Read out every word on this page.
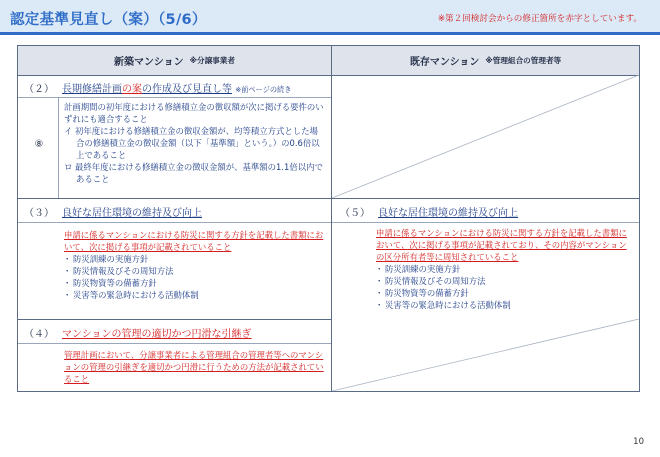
認定基準見直し（案）（5/6）	※第２回検討会からの修正箇所を赤字としています。
新築マンション ※分譲事業者	既存マンション ※管理組合の管理者等
（２） 長期修繕計画の案の作成及び見直し等 ※前ページの続き
⑧

計画期間の初年度における修繕積立金の徴収額が次に掲げる要件のいずれにも適合すること

イ 初年度における修繕積立金の徴収金額が、均等積立方式とした場合の修繕積立金の徴収金額（以下「基準額」という。）の0.6倍以上であること

ロ 最終年度における修繕積立金の徴収金額が、基準額の1.1倍以内であること

（３） 良好な居住環境の維持及び向上

申請に係るマンションにおける防災に関する方針を記載した書類において、次に掲げる事項が記載されていること

・ 防災訓練の実施方針
・ 防災情報及びその周知方法
・ 防災物資等の備蓄方針
・ 災害等の緊急時における活動体制
（５） 良好な居住環境の維持及び向上

申請に係るマンションにおける防災に関する方針を記載した書類において、次に掲げる事項が記載されており、その内容がマンションの区分所有者等に周知されていること

・ 防災訓練の実施方針
・ 防災情報及びその周知方法
・ 防災物資等の備蓄方針
・ 災害等の緊急時における活動体制
（４） マンションの管理の適切かつ円滑な引継ぎ

管理計画において、分譲事業者による管理組合の管理者等へのマンションの管理の引継ぎを適切かつ円滑に行うための方法が記載されていること

10
